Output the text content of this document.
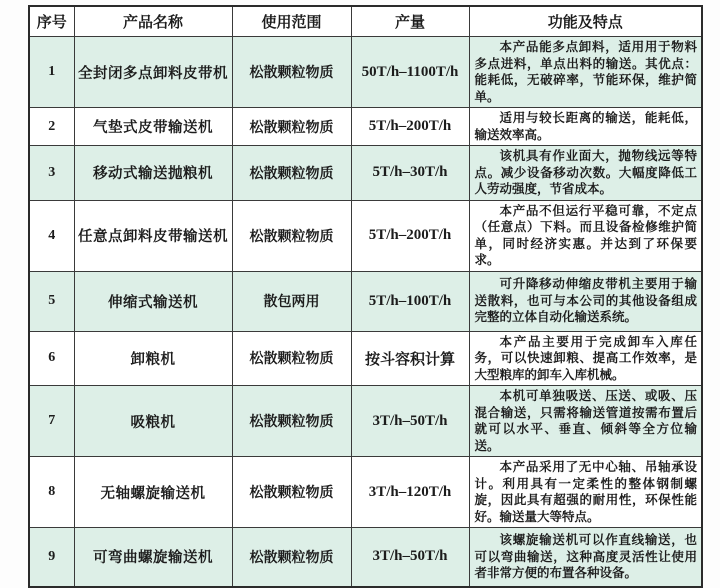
序号	产品名称	使用范围	产量	功能及特点
1	全封闭多点卸料皮带机	松散颗粒物质	50T/h–1100T/h	本产品能多点卸料，适用用于物料多点进料，单点出料的输送。其优点：能耗低，无破碎率，节能环保，维护简单。

2	气垫式皮带输送机	松散颗粒物质	5T/h–200T/h	适用与较长距离的输送，能耗低，输送效率高。

3	移动式输送抛粮机	松散颗粒物质	5T/h–30T/h	该机具有作业面大，抛物线远等特点。减少设备移动次数。大幅度降低工人劳动强度，节省成本。

4	任意点卸料皮带输送机	松散颗粒物质	5T/h–200T/h	本产品不但运行平稳可靠，不定点（任意点）下料。而且设备检修维护简单，同时经济实惠。并达到了环保要求。

5	伸缩式输送机	散包两用	5T/h–100T/h	可升降移动伸缩皮带机主要用于输送散料，也可与本公司的其他设备组成完整的立体自动化输送系统。

6	卸粮机	松散颗粒物质	按斗容积计算	本产品主要用于完成卸车入库任务，可以快速卸粮、提高工作效率，是大型粮库的卸车入库机械。

7	吸粮机	松散颗粒物质	3T/h–50T/h	本机可单独吸送、压送、或吸、压混合输送，只需将输送管道按需布置后就可以水平、垂直、倾斜等全方位输送。

8	无轴螺旋输送机	松散颗粒物质	3T/h–120T/h	本产品采用了无中心轴、吊轴承设计。利用具有一定柔性的整体钢制螺旋，因此具有超强的耐用性，环保性能好。输送量大等特点。

9	可弯曲螺旋输送机	松散颗粒物质	3T/h–50T/h	该螺旋输送机可以作直线输送，也可以弯曲输送，这种高度灵活性让使用者非常方便的布置各种设备。
